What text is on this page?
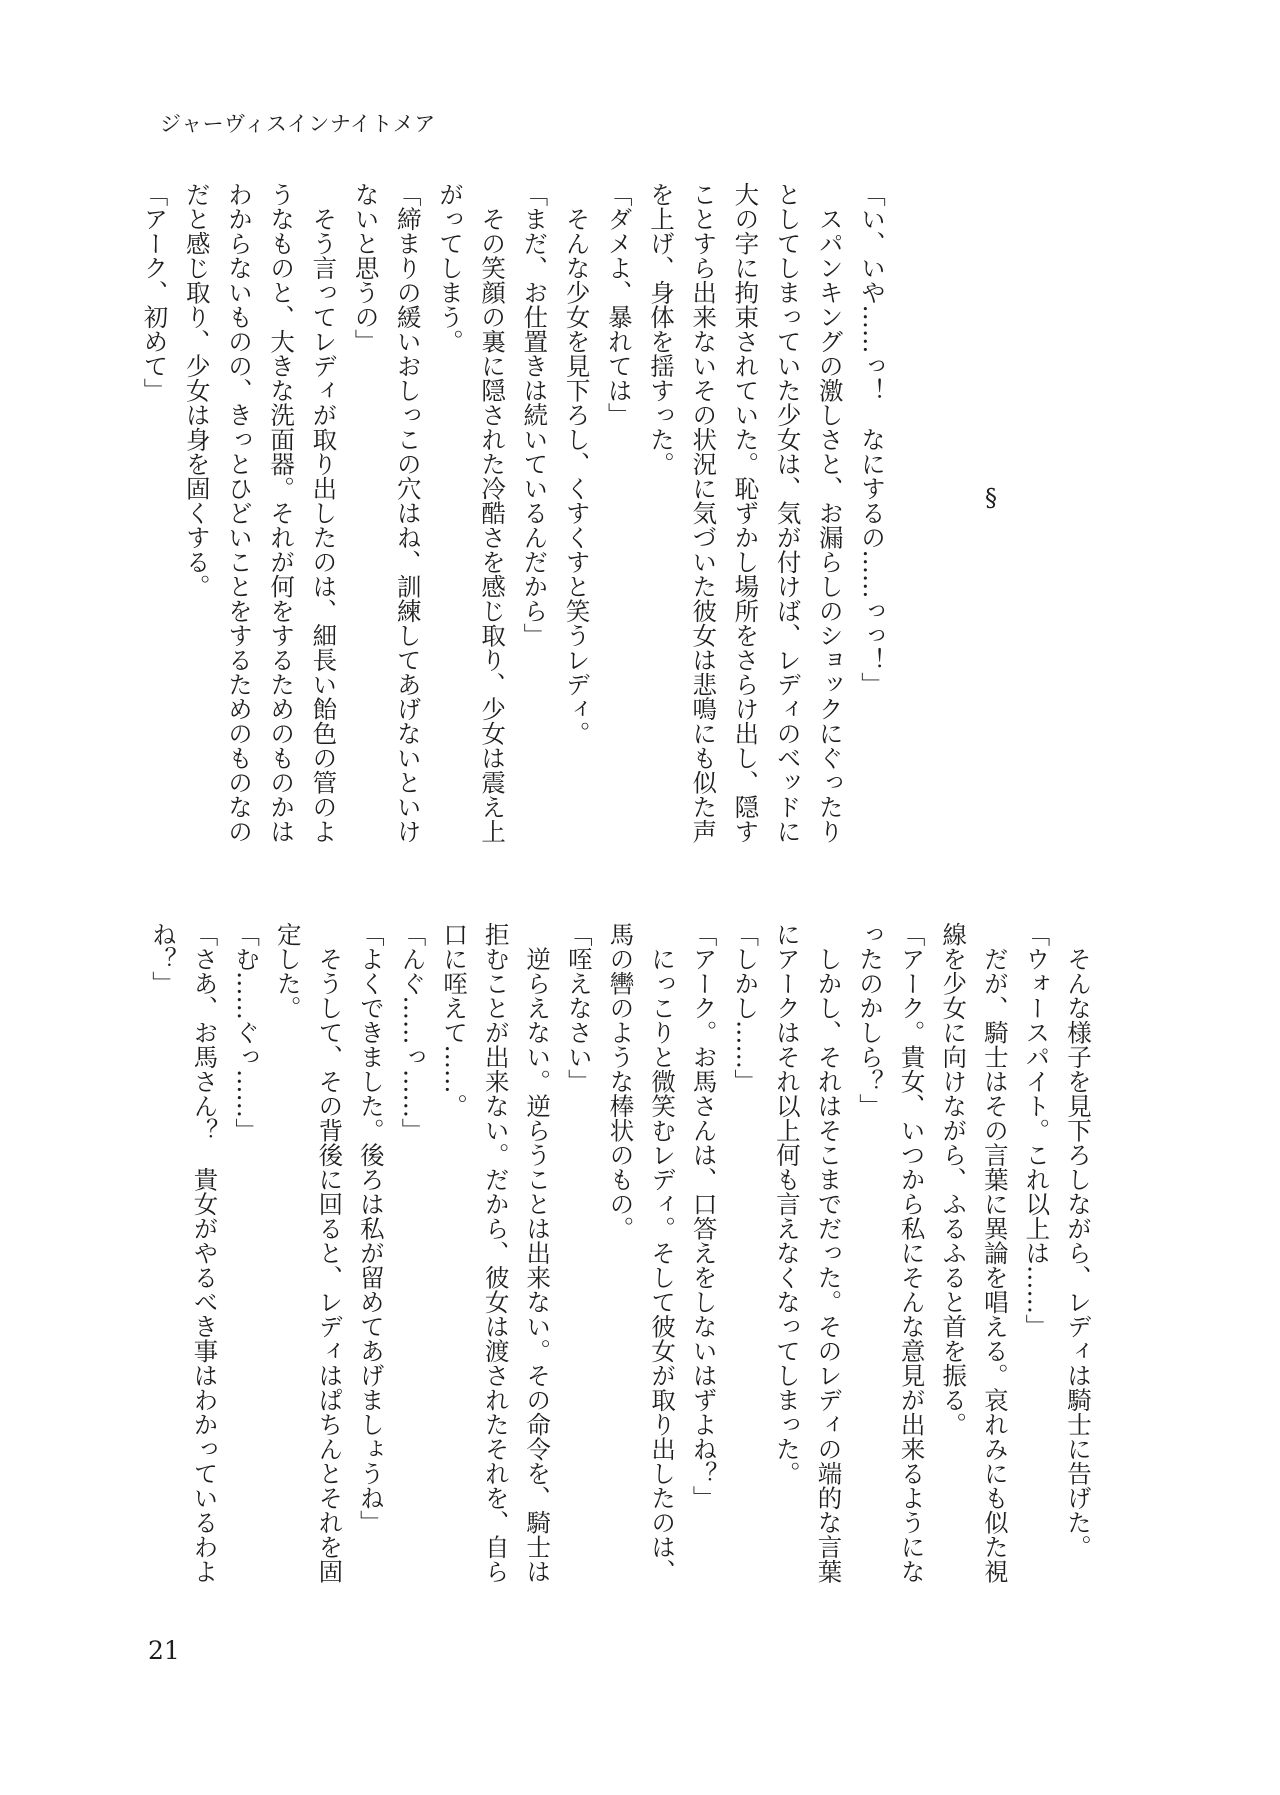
ジャーヴィスインナイトメア
「い、いや……っ！　なにするの……っっ！」
　スパンキングの激しさと、お漏らしのショックにぐったり
としてしまっていた少女は、気が付けば、レディのベッドに
大の字に拘束されていた。恥ずかし場所をさらけ出し、隠す
ことすら出来ないその状況に気づいた彼女は悲鳴にも似た声
を上げ、身体を揺すった。
「ダメよ、暴れては」
　そんな少女を見下ろし、くすくすと笑うレディ。
「まだ、お仕置きは続いているんだから」
　その笑顔の裏に隠された冷酷さを感じ取り、少女は震え上
がってしまう。
「締まりの緩いおしっこの穴はね、訓練してあげないといけ
ないと思うの」
　そう言ってレディが取り出したのは、細長い飴色の管のよ
うなものと、大きな洗面器。それが何をするためのものかは
わからないものの、きっとひどいことをするためのものなの
だと感じ取り、少女は身を固くする。
「アーク、初めて」
§
　そんな様子を見下ろしながら、レディは騎士に告げた。
「ウォースパイト。これ以上は……」
　だが、騎士はその言葉に異論を唱える。哀れみにも似た視
線を少女に向けながら、ふるふると首を振る。
「アーク。貴女、いつから私にそんな意見が出来るようにな
ったのかしら？」
　しかし、それはそこまでだった。そのレディの端的な言葉
にアークはそれ以上何も言えなくなってしまった。
「しかし……」
「アーク。お馬さんは、口答えをしないはずよね？」
　にっこりと微笑むレディ。そして彼女が取り出したのは、
馬の轡のような棒状のもの。
「咥えなさい」
　逆らえない。逆らうことは出来ない。その命令を、騎士は
拒むことが出来ない。だから、彼女は渡されたそれを、自ら
口に咥えて……。
「んぐ……っ……」
「よくできました。後ろは私が留めてあげましょうね」
　そうして、その背後に回ると、レディはぱちんとそれを固
定した。
「む……ぐっ……」
「さあ、お馬さん？　貴女がやるべき事はわかっているわよ
ね？」
21
